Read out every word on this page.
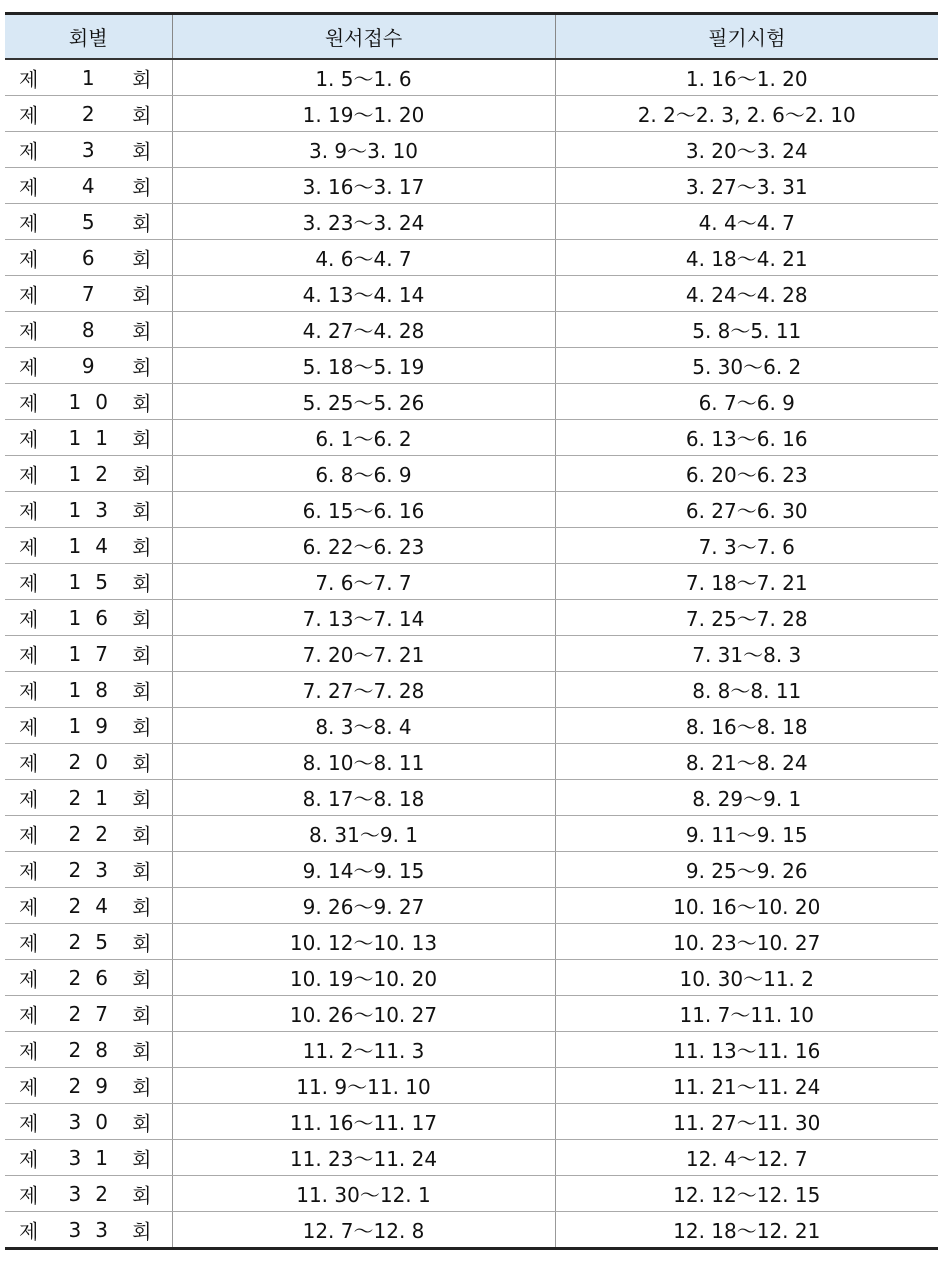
회별	원서접수	필기시험

제 1 회	1. 5～1. 6	1. 16～1. 20

제 2 회	1. 19～1. 20	2. 2～2. 3, 2. 6～2. 10

제 3 회	3. 9～3. 10	3. 20～3. 24

제 4 회	3. 16～3. 17	3. 27～3. 31

제 5 회	3. 23～3. 24	4. 4～4. 7

제 6 회	4. 6～4. 7	4. 18～4. 21

제 7 회	4. 13～4. 14	4. 24～4. 28

제 8 회	4. 27～4. 28	5. 8～5. 11

제 9 회	5. 18～5. 19	5. 30～6. 2

제 10 회	5. 25～5. 26	6. 7～6. 9

제 11 회	6. 1～6. 2	6. 13～6. 16

제 12 회	6. 8～6. 9	6. 20～6. 23

제 13 회	6. 15～6. 16	6. 27～6. 30

제 14 회	6. 22～6. 23	7. 3～7. 6

제 15 회	7. 6～7. 7	7. 18～7. 21

제 16 회	7. 13～7. 14	7. 25～7. 28

제 17 회	7. 20～7. 21	7. 31～8. 3

제 18 회	7. 27～7. 28	8. 8～8. 11

제 19 회	8. 3～8. 4	8. 16～8. 18

제 20 회	8. 10～8. 11	8. 21～8. 24

제 21 회	8. 17～8. 18	8. 29～9. 1

제 22 회	8. 31～9. 1	9. 11～9. 15

제 23 회	9. 14～9. 15	9. 25～9. 26

제 24 회	9. 26～9. 27	10. 16～10. 20

제 25 회	10. 12～10. 13	10. 23～10. 27

제 26 회	10. 19～10. 20	10. 30～11. 2

제 27 회	10. 26～10. 27	11. 7～11. 10

제 28 회	11. 2～11. 3	11. 13～11. 16

제 29 회	11. 9～11. 10	11. 21～11. 24

제 30 회	11. 16～11. 17	11. 27～11. 30

제 31 회	11. 23～11. 24	12. 4～12. 7

제 32 회	11. 30～12. 1	12. 12～12. 15

제 33 회	12. 7～12. 8	12. 18～12. 21
